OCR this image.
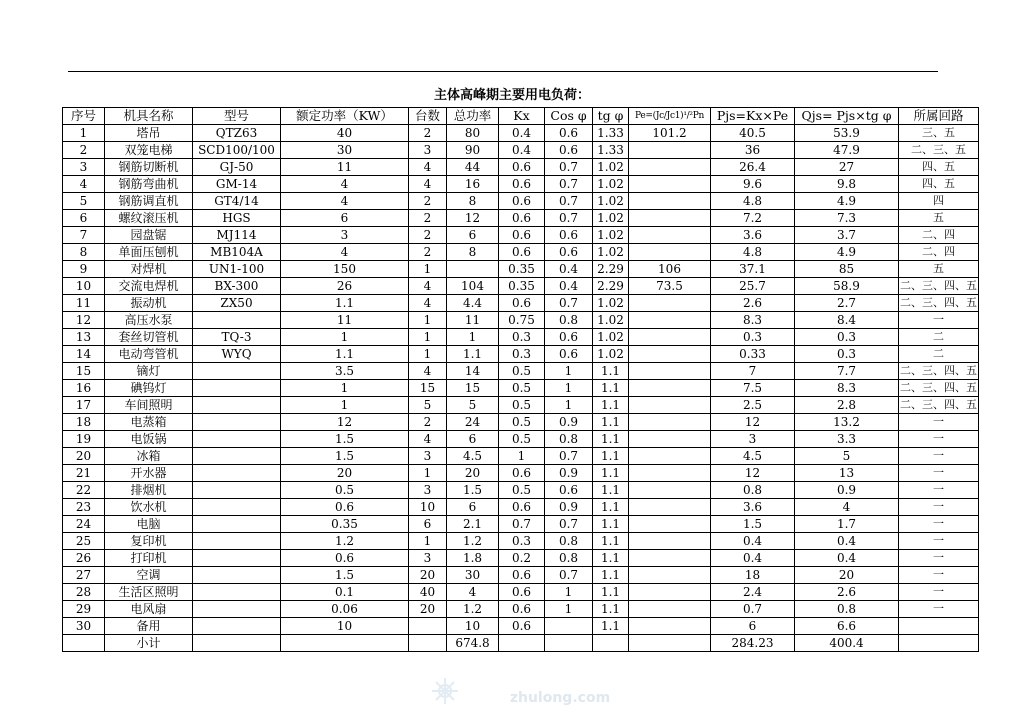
主体高峰期主要用电负荷：
序号	机具名称	型号	额定功率（KW）	台数	总功率	Kx	Cos φ	tg φ	Pe=(Jc/Jc1)¹/²Pn	Pjs=Kx×Pe	Qjs= Pjs×tg φ	所属回路
1	塔吊	QTZ63	40	2	80	0.4	0.6	1.33	101.2	40.5	53.9	三、五
2	双笼电梯	SCD100/100	30	3	90	0.4	0.6	1.33		36	47.9	二、三、五
3	钢筋切断机	GJ-50	11	4	44	0.6	0.7	1.02		26.4	27	四、五
4	钢筋弯曲机	GM-14	4	4	16	0.6	0.7	1.02		9.6	9.8	四、五
5	钢筋调直机	GT4/14	4	2	8	0.6	0.7	1.02		4.8	4.9	四
6	螺纹滚压机	HGS	6	2	12	0.6	0.7	1.02		7.2	7.3	五
7	园盘锯	MJ114	3	2	6	0.6	0.6	1.02		3.6	3.7	二、四
8	单面压刨机	MB104A	4	2	8	0.6	0.6	1.02		4.8	4.9	二、四
9	对焊机	UN1-100	150	1		0.35	0.4	2.29	106	37.1	85	五
10	交流电焊机	BX-300	26	4	104	0.35	0.4	2.29	73.5	25.7	58.9	二、三、四、五
11	振动机	ZX50	1.1	4	4.4	0.6	0.7	1.02		2.6	2.7	二、三、四、五
12	高压水泵		11	1	11	0.75	0.8	1.02		8.3	8.4	一
13	套丝切管机	TQ-3	1	1	1	0.3	0.6	1.02		0.3	0.3	二
14	电动弯管机	WYQ	1.1	1	1.1	0.3	0.6	1.02		0.33	0.3	二
15	镝灯		3.5	4	14	0.5	1	1.1		7	7.7	二、三、四、五
16	碘钨灯		1	15	15	0.5	1	1.1		7.5	8.3	二、三、四、五
17	车间照明		1	5	5	0.5	1	1.1		2.5	2.8	二、三、四、五
18	电蒸箱		12	2	24	0.5	0.9	1.1		12	13.2	一
19	电饭锅		1.5	4	6	0.5	0.8	1.1		3	3.3	一
20	冰箱		1.5	3	4.5	1	0.7	1.1		4.5	5	一
21	开水器		20	1	20	0.6	0.9	1.1		12	13	一
22	排烟机		0.5	3	1.5	0.5	0.6	1.1		0.8	0.9	一
23	饮水机		0.6	10	6	0.6	0.9	1.1		3.6	4	一
24	电脑		0.35	6	2.1	0.7	0.7	1.1		1.5	1.7	一
25	复印机		1.2	1	1.2	0.3	0.8	1.1		0.4	0.4	一
26	打印机		0.6	3	1.8	0.2	0.8	1.1		0.4	0.4	一
27	空调		1.5	20	30	0.6	0.7	1.1		18	20	一
28	生活区照明		0.1	40	4	0.6	1	1.1		2.4	2.6	一
29	电风扇		0.06	20	1.2	0.6	1	1.1		0.7	0.8	一
30	备用		10		10	0.6		1.1		6	6.6	
	小计				674.8					284.23	400.4	
zhulong.com
